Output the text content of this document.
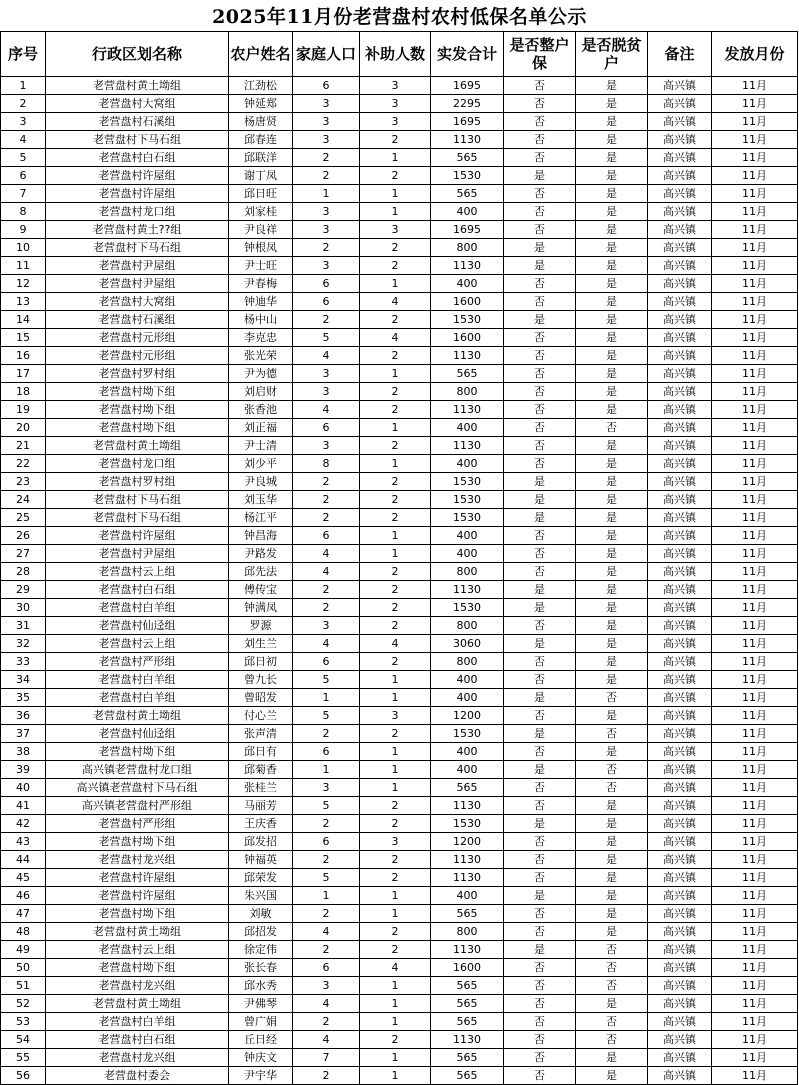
2025年11月份老营盘村农村低保名单公示
序号	行政区划名称	农户姓名	家庭人口	补助人数	实发合计	是否整户保	是否脱贫户	备注	发放月份
1	老营盘村黄土坳组	江劲松	6	3	1695	否	是	高兴镇	11月
2	老营盘村大窝组	钟延郑	3	3	2295	否	是	高兴镇	11月
3	老营盘村石溪组	杨唐贤	3	3	1695	否	是	高兴镇	11月
4	老营盘村下马石组	邱春连	3	2	1130	否	是	高兴镇	11月
5	老营盘村白石组	邱联洋	2	1	565	否	是	高兴镇	11月
6	老营盘村许屋组	谢丁凤	2	2	1530	是	是	高兴镇	11月
7	老营盘村许屋组	邱日旺	1	1	565	否	是	高兴镇	11月
8	老营盘村龙口组	刘家桂	3	1	400	否	是	高兴镇	11月
9	老营盘村黄土??组	尹良祥	3	3	1695	否	是	高兴镇	11月
10	老营盘村下马石组	钟根凤	2	2	800	是	是	高兴镇	11月
11	老营盘村尹屋组	尹士旺	3	2	1130	是	是	高兴镇	11月
12	老营盘村尹屋组	尹春梅	6	1	400	否	是	高兴镇	11月
13	老营盘村大窝组	钟迪华	6	4	1600	否	是	高兴镇	11月
14	老营盘村石溪组	杨中山	2	2	1530	是	是	高兴镇	11月
15	老营盘村元形组	李克忠	5	4	1600	否	是	高兴镇	11月
16	老营盘村元形组	张光荣	4	2	1130	否	是	高兴镇	11月
17	老营盘村罗村组	尹为德	3	1	565	否	是	高兴镇	11月
18	老营盘村坳下组	刘启财	3	2	800	否	是	高兴镇	11月
19	老营盘村坳下组	张香池	4	2	1130	否	是	高兴镇	11月
20	老营盘村坳下组	刘正福	6	1	400	否	否	高兴镇	11月
21	老营盘村黄土坳组	尹士清	3	2	1130	否	是	高兴镇	11月
22	老营盘村龙口组	刘少平	8	1	400	否	是	高兴镇	11月
23	老营盘村罗村组	尹良城	2	2	1530	是	是	高兴镇	11月
24	老营盘村下马石组	刘玉华	2	2	1530	是	是	高兴镇	11月
25	老营盘村下马石组	杨江平	2	2	1530	是	是	高兴镇	11月
26	老营盘村许屋组	钟昌海	6	1	400	否	是	高兴镇	11月
27	老营盘村尹屋组	尹路发	4	1	400	否	是	高兴镇	11月
28	老营盘村云上组	邱先法	4	2	800	否	是	高兴镇	11月
29	老营盘村白石组	傅传宝	2	2	1130	是	是	高兴镇	11月
30	老营盘村白羊组	钟满凤	2	2	1530	是	是	高兴镇	11月
31	老营盘村仙迳组	罗源	3	2	800	否	是	高兴镇	11月
32	老营盘村云上组	刘生兰	4	4	3060	是	是	高兴镇	11月
33	老营盘村严形组	邱日初	6	2	800	否	是	高兴镇	11月
34	老营盘村白羊组	曾九长	5	1	400	否	是	高兴镇	11月
35	老营盘村白羊组	曾昭发	1	1	400	是	否	高兴镇	11月
36	老营盘村黄土坳组	付心兰	5	3	1200	否	是	高兴镇	11月
37	老营盘村仙迳组	张声清	2	2	1530	是	否	高兴镇	11月
38	老营盘村坳下组	邱日有	6	1	400	否	是	高兴镇	11月
39	高兴镇老营盘村龙口组	邱菊香	1	1	400	是	否	高兴镇	11月
40	高兴镇老营盘村下马石组	张桂兰	3	1	565	否	否	高兴镇	11月
41	高兴镇老营盘村严形组	马丽芳	5	2	1130	否	是	高兴镇	11月
42	老营盘村严形组	王庆香	2	2	1530	是	是	高兴镇	11月
43	老营盘村坳下组	邱发招	6	3	1200	否	是	高兴镇	11月
44	老营盘村龙兴组	钟福英	2	2	1130	否	是	高兴镇	11月
45	老营盘村许屋组	邱荣发	5	2	1130	否	是	高兴镇	11月
46	老营盘村许屋组	朱兴国	1	1	400	是	是	高兴镇	11月
47	老营盘村坳下组	刘敏	2	1	565	否	是	高兴镇	11月
48	老营盘村黄土坳组	邱招发	4	2	800	否	是	高兴镇	11月
49	老营盘村云上组	徐定伟	2	2	1130	是	否	高兴镇	11月
50	老营盘村坳下组	张长春	6	4	1600	否	否	高兴镇	11月
51	老营盘村龙兴组	邱水秀	3	1	565	否	否	高兴镇	11月
52	老营盘村黄土坳组	尹佛琴	4	1	565	否	是	高兴镇	11月
53	老营盘村白羊组	曾广娟	2	1	565	否	否	高兴镇	11月
54	老营盘村白石组	丘日经	4	2	1130	否	否	高兴镇	11月
55	老营盘村龙兴组	钟庆文	7	1	565	否	是	高兴镇	11月
56	老营盘村委会	尹宇华	2	1	565	否	是	高兴镇	11月
